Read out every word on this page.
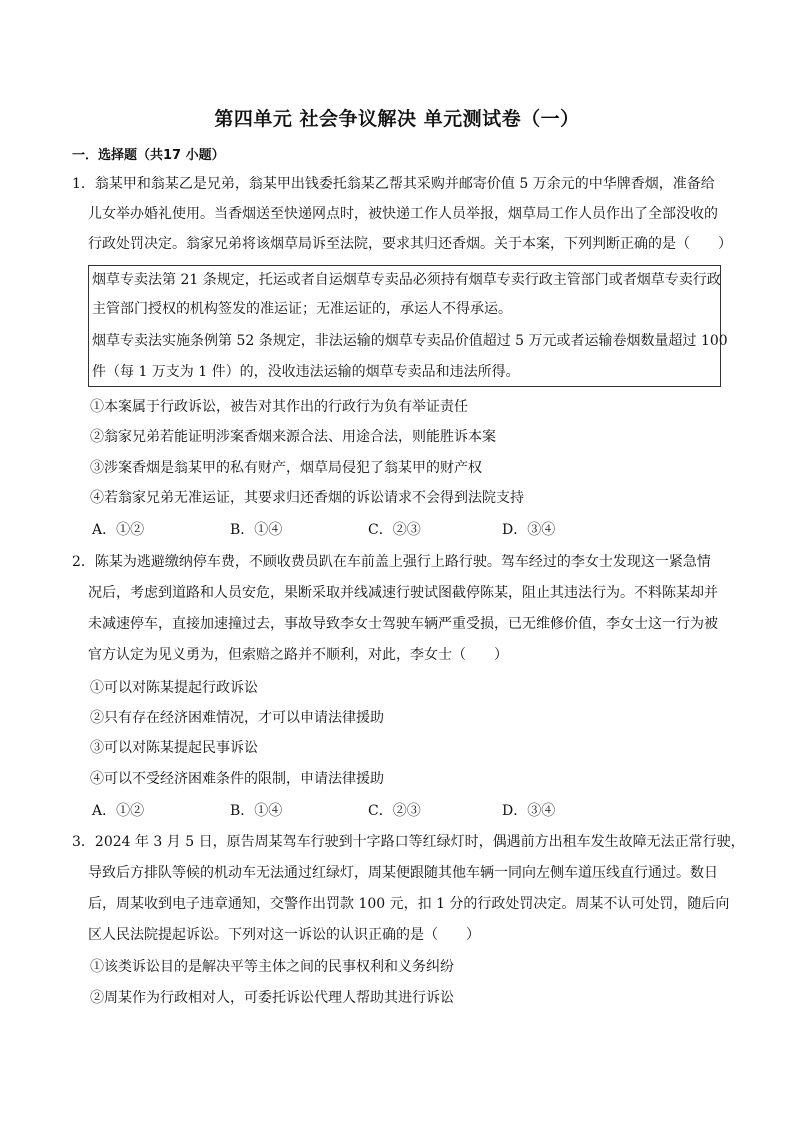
第四单元 社会争议解决 单元测试卷（一）
一．选择题（共17 小题）
1．翁某甲和翁某乙是兄弟，翁某甲出钱委托翁某乙帮其采购并邮寄价值 5 万余元的中华牌香烟，准备给
儿女举办婚礼使用。当香烟送至快递网点时，被快递工作人员举报，烟草局工作人员作出了全部没收的
行政处罚决定。翁家兄弟将该烟草局诉至法院，要求其归还香烟。关于本案，下列判断正确的是（　　）
烟草专卖法第 21 条规定，托运或者自运烟草专卖品必须持有烟草专卖行政主管部门或者烟草专卖行政
主管部门授权的机构签发的准运证；无准运证的，承运人不得承运。
烟草专卖法实施条例第 52 条规定，非法运输的烟草专卖品价值超过 5 万元或者运输卷烟数量超过 100
件（每 1 万支为 1 件）的，没收违法运输的烟草专卖品和违法所得。
①本案属于行政诉讼，被告对其作出的行政行为负有举证责任
②翁家兄弟若能证明涉案香烟来源合法、用途合法，则能胜诉本案
③涉案香烟是翁某甲的私有财产，烟草局侵犯了翁某甲的财产权
④若翁家兄弟无准运证，其要求归还香烟的诉讼请求不会得到法院支持
A．①②	B．①④	C．②③	D．③④
2．陈某为逃避缴纳停车费，不顾收费员趴在车前盖上强行上路行驶。驾车经过的李女士发现这一紧急情
况后，考虑到道路和人员安危，果断采取并线减速行驶试图截停陈某，阻止其违法行为。不料陈某却并
未减速停车，直接加速撞过去，事故导致李女士驾驶车辆严重受损，已无维修价值，李女士这一行为被
官方认定为见义勇为，但索赔之路并不顺利，对此，李女士（　　）
①可以对陈某提起行政诉讼
②只有存在经济困难情况，才可以申请法律援助
③可以对陈某提起民事诉讼
④可以不受经济困难条件的限制，申请法律援助
A．①②	B．①④	C．②③	D．③④
3．2024 年 3 月 5 日，原告周某驾车行驶到十字路口等红绿灯时，偶遇前方出租车发生故障无法正常行驶，
导致后方排队等候的机动车无法通过红绿灯，周某便跟随其他车辆一同向左侧车道压线直行通过。数日
后，周某收到电子违章通知，交警作出罚款 100 元，扣 1 分的行政处罚决定。周某不认可处罚，随后向
区人民法院提起诉讼。下列对这一诉讼的认识正确的是（　　）
①该类诉讼目的是解决平等主体之间的民事权利和义务纠纷
②周某作为行政相对人，可委托诉讼代理人帮助其进行诉讼
